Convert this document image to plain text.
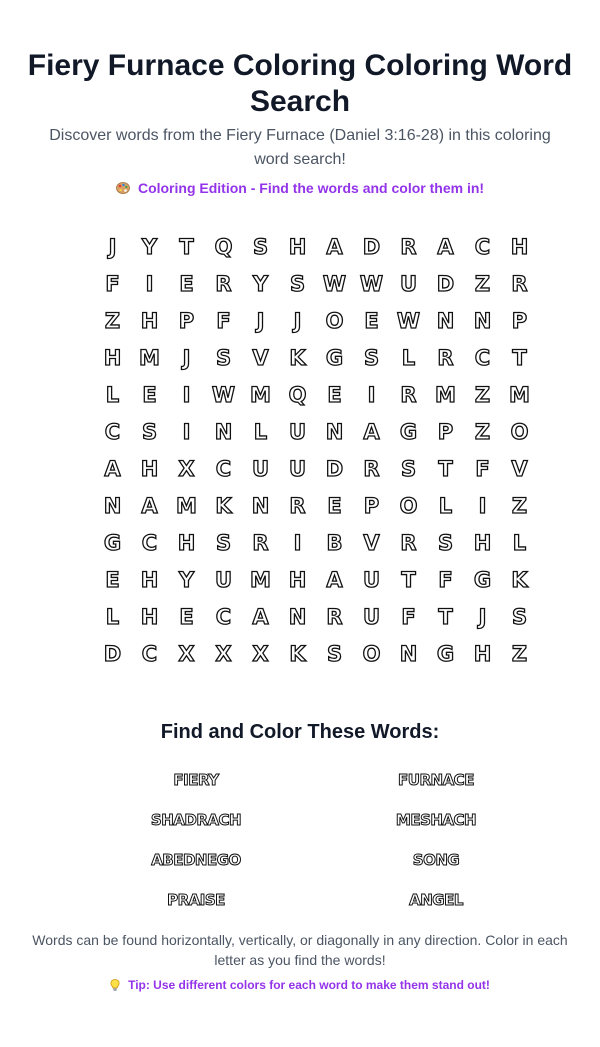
Fiery Furnace Coloring Coloring Word Search

Discover words from the Fiery Furnace (Daniel 3:16-28) in this coloring word search!

Coloring Edition - Find the words and color them in!
J	Y	T Q S H A D R A	C H
F	I	E	R	Y	S W W U D Z	R
Z H P	F	J	J	O E W N N P
H M	J	S	V K G S	L	R	C	T
L	E	I	W M Q E	I	R M Z M
C	S	I	N	L	U N A G P	Z O
A H X	C U U D R	S	T	F	V
N A M K N R	E	P O	L	I	Z
G C H S	R	I	B V R	S H	L
E	H Y U M H A U	T	F	G K
L	H	E	C	A N R U	F	T	J	S
D C	X X X K	S O N G H Z
Find and Color These Words:
FIERY	FURNACE
SHADRACH	MESHACH
ABEDNEGO	SONG
PRAISE	ANGEL

Words can be found horizontally, vertically, or diagonally in any direction. Color in each letter as you find the words!

Tip: Use different colors for each word to make them stand out!
